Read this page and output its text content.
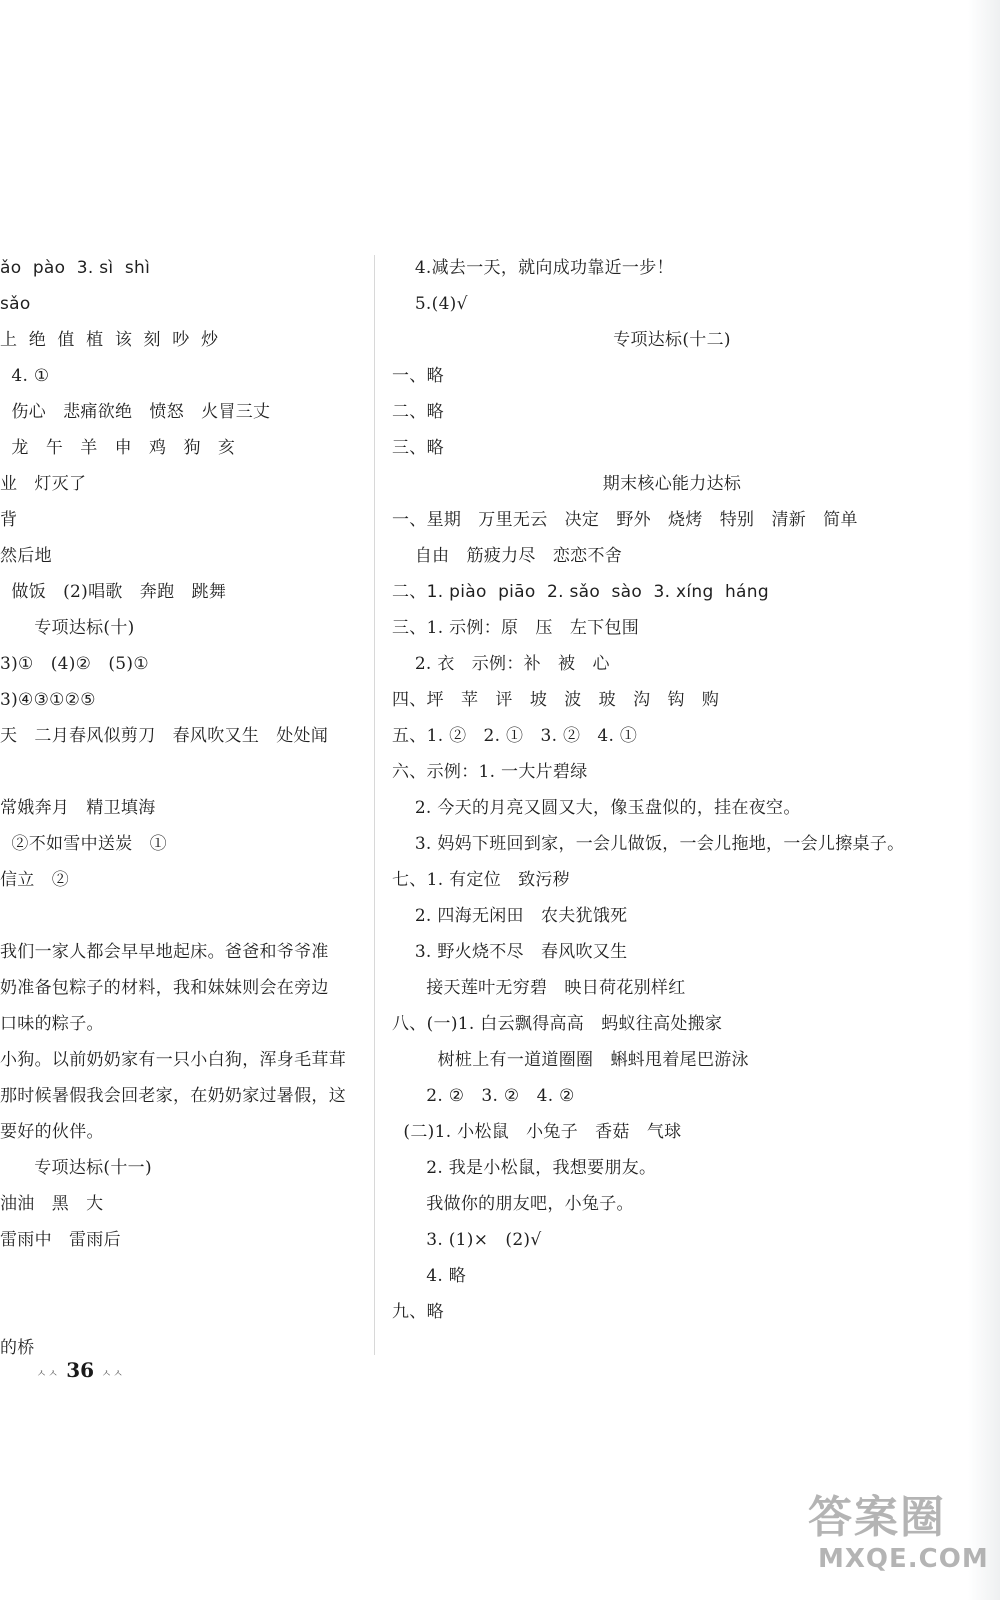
ǎo  pào  3. sì  shì
sǎo
上  绝  值  植  该  刻  吵  炒
4. ①
伤心   悲痛欲绝   愤怒   火冒三丈
龙   午   羊   申   鸡   狗   亥
业   灯灭了
背
然后地
做饭   (2)唱歌   奔跑   跳舞
专项达标(十)
3)①   (4)②   (5)①
3)④③①②⑤
天   二月春风似剪刀   春风吹又生   处处闻
常娥奔月   精卫填海
②不如雪中送炭   ①
信立   ②
我们一家人都会早早地起床。爸爸和爷爷准
奶准备包粽子的材料，我和妹妹则会在旁边
口味的粽子。
小狗。以前奶奶家有一只小白狗，浑身毛茸茸
那时候暑假我会回老家，在奶奶家过暑假，这
要好的伙伴。
专项达标(十一)
油油   黑   大
雷雨中   雷雨后
的桥
4.减去一天，就向成功靠近一步！
5.(4)√
专项达标(十二)
一、略
二、略
三、略
期末核心能力达标
一、星期   万里无云   决定   野外   烧烤   特别   清新   简单
自由   筋疲力尽   恋恋不舍
二、1. piào  piāo  2. sǎo  sào  3. xíng  háng
三、1. 示例：原   压   左下包围
2. 衣   示例：补   被   心
四、坪   苹   评   坡   波   玻   沟   钩   购
五、1. ②   2. ①   3. ②   4. ①
六、示例：1. 一大片碧绿
2. 今天的月亮又圆又大，像玉盘似的，挂在夜空。
3. 妈妈下班回到家，一会儿做饭，一会儿拖地，一会儿擦桌子。
七、1. 有定位   致污秽
2. 四海无闲田   农夫犹饿死
3. 野火烧不尽   春风吹又生
接天莲叶无穷碧   映日荷花别样红
八、(一)1. 白云飘得高高   蚂蚁往高处搬家
树桩上有一道道圈圈   蝌蚪甩着尾巴游泳
2. ②   3. ②   4. ②
(二)1. 小松鼠   小兔子   香菇   气球
2. 我是小松鼠，我想要朋友。
我做你的朋友吧，小兔子。
3. (1)×   (2)√
4. 略
九、略
ㅅㅅ 36 ㅅㅅ
答案圈
MXQE.COM
